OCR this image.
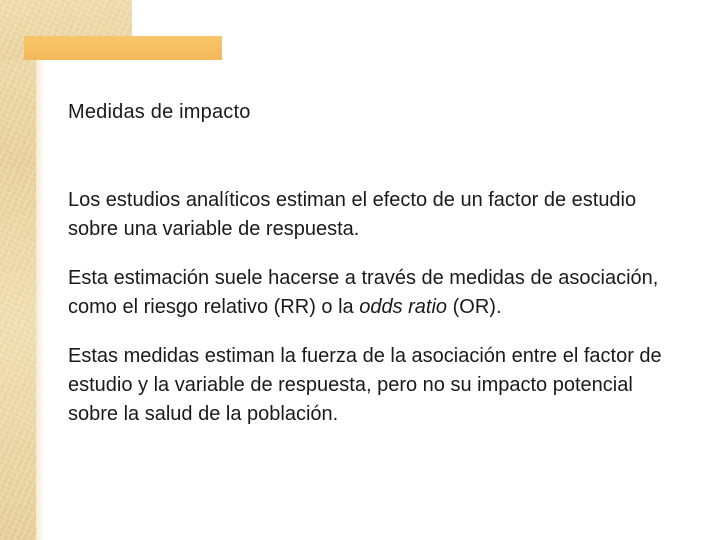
Medidas de impacto

Los estudios analíticos estiman el efecto de un factor de estudio sobre una variable de respuesta.

Esta estimación suele hacerse a través de medidas de asociación, como el riesgo relativo (RR) o la odds ratio (OR).

Estas medidas estiman la fuerza de la asociación entre el factor de estudio y la variable de respuesta, pero no su impacto potencial sobre la salud de la población.
